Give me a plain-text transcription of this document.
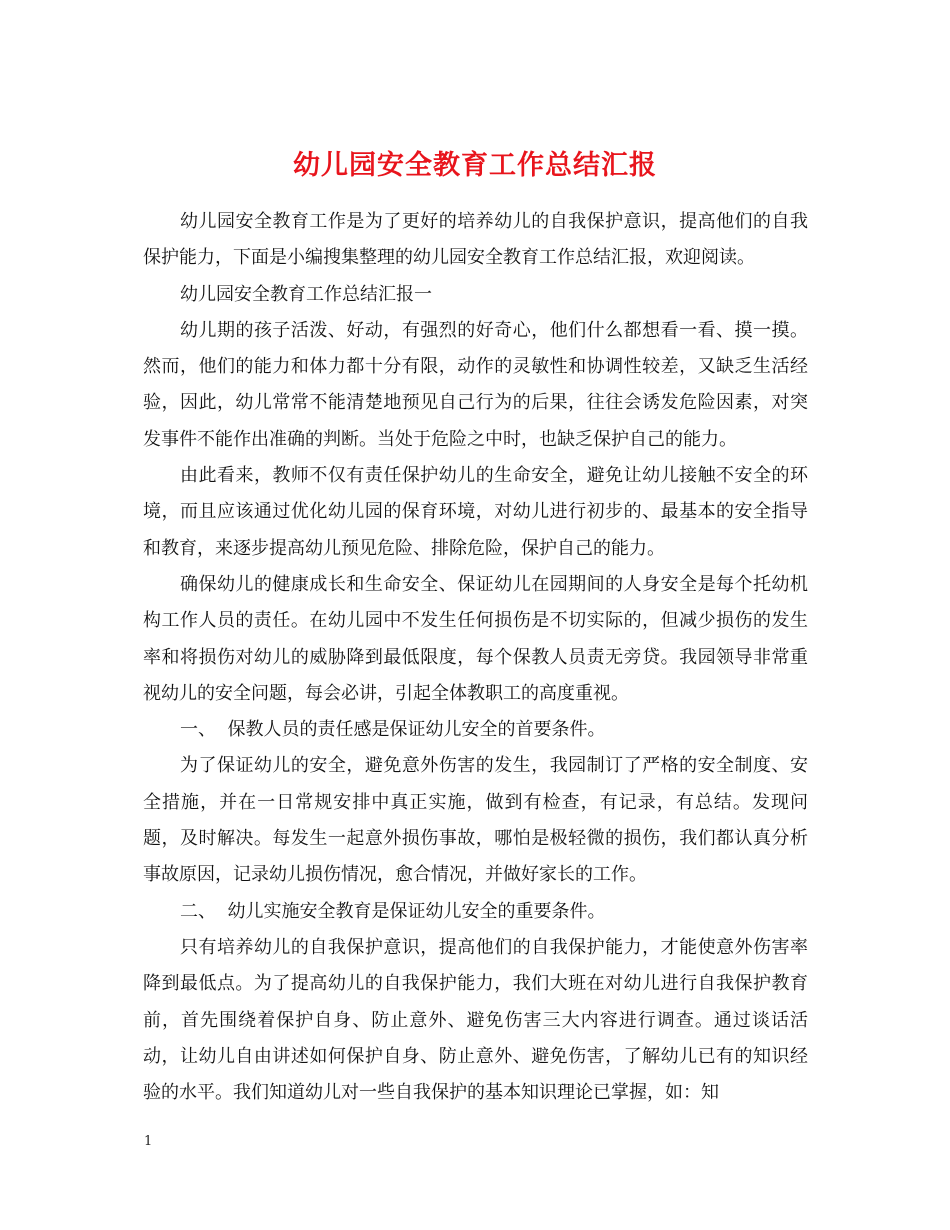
幼儿园安全教育工作总结汇报

幼儿园安全教育工作是为了更好的培养幼儿的自我保护意识，提高他们的自我保护能力，下面是小编搜集整理的幼儿园安全教育工作总结汇报，欢迎阅读。

幼儿园安全教育工作总结汇报一

幼儿期的孩子活泼、好动，有强烈的好奇心，他们什么都想看一看、摸一摸。然而，他们的能力和体力都十分有限，动作的灵敏性和协调性较差，又缺乏生活经验，因此，幼儿常常不能清楚地预见自己行为的后果，往往会诱发危险因素，对突发事件不能作出准确的判断。当处于危险之中时，也缺乏保护自己的能力。

由此看来，教师不仅有责任保护幼儿的生命安全，避免让幼儿接触不安全的环境，而且应该通过优化幼儿园的保育环境，对幼儿进行初步的、最基本的安全指导和教育，来逐步提高幼儿预见危险、排除危险，保护自己的能力。

确保幼儿的健康成长和生命安全、保证幼儿在园期间的人身安全是每个托幼机构工作人员的责任。在幼儿园中不发生任何损伤是不切实际的，但减少损伤的发生率和将损伤对幼儿的威胁降到最低限度，每个保教人员责无旁贷。我园领导非常重视幼儿的安全问题，每会必讲，引起全体教职工的高度重视。

一、  保教人员的责任感是保证幼儿安全的首要条件。

为了保证幼儿的安全，避免意外伤害的发生，我园制订了严格的安全制度、安全措施，并在一日常规安排中真正实施，做到有检查，有记录，有总结。发现问题，及时解决。每发生一起意外损伤事故，哪怕是极轻微的损伤，我们都认真分析事故原因，记录幼儿损伤情况，愈合情况，并做好家长的工作。

二、  幼儿实施安全教育是保证幼儿安全的重要条件。

只有培养幼儿的自我保护意识，提高他们的自我保护能力，才能使意外伤害率降到最低点。为了提高幼儿的自我保护能力，我们大班在对幼儿进行自我保护教育前，首先围绕着保护自身、防止意外、避免伤害三大内容进行调查。通过谈话活动，让幼儿自由讲述如何保护自身、防止意外、避免伤害，了解幼儿已有的知识经验的水平。我们知道幼儿对一些自我保护的基本知识理论已掌握，如：知

1
